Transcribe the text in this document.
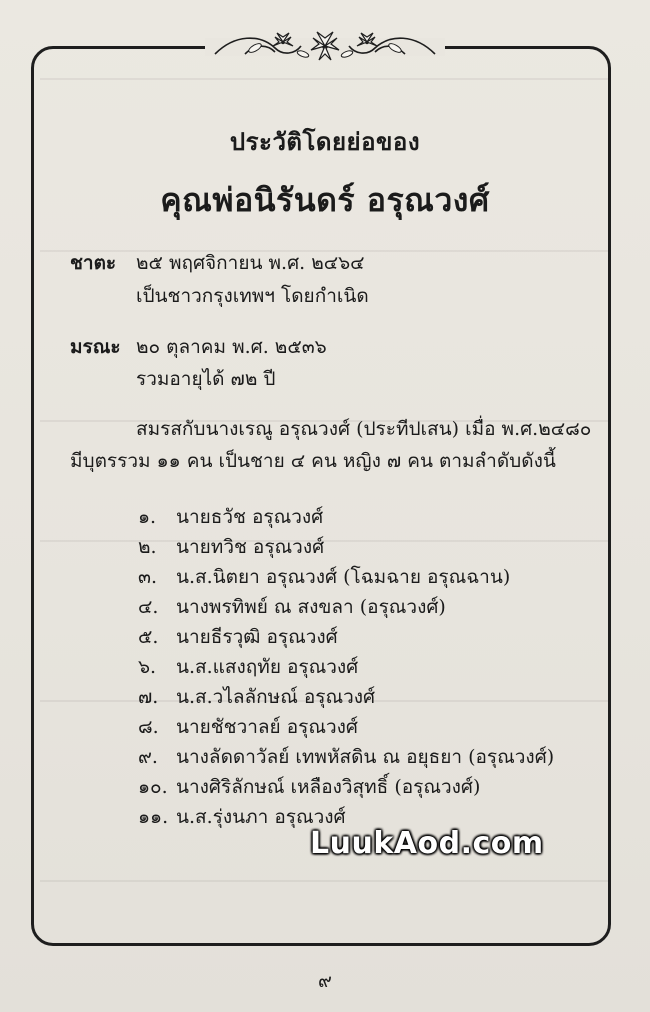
ประวัติโดยย่อของ
คุณพ่อนิรันดร์ อรุณวงศ์
ชาตะ ๒๕ พฤศจิกายน พ.ศ. ๒๔๖๔
เป็นชาวกรุงเทพฯ โดยกำเนิด
มรณะ ๒๐ ตุลาคม พ.ศ. ๒๕๓๖
รวมอายุได้ ๗๒ ปี
สมรสกับนางเรณู อรุณวงศ์ (ประทีปเสน) เมื่อ พ.ศ.๒๔๘๐
มีบุตรรวม ๑๑ คน เป็นชาย ๔ คน หญิง ๗ คน ตามลำดับดังนี้
๑. นายธวัช อรุณวงศ์
๒. นายทวิช อรุณวงศ์
๓. น.ส.นิตยา อรุณวงศ์ (โฉมฉาย อรุณฉาน)
๔. นางพรทิพย์ ณ สงขลา (อรุณวงศ์)
๕. นายธีรวุฒิ อรุณวงศ์
๖. น.ส.แสงฤทัย อรุณวงศ์
๗. น.ส.วไลลักษณ์ อรุณวงศ์
๘. นายชัชวาลย์ อรุณวงศ์
๙. นางลัดดาวัลย์ เทพหัสดิน ณ อยุธยา (อรุณวงศ์)
๑๐. นางศิริลักษณ์ เหลืองวิสุทธิ์ (อรุณวงศ์)
๑๑. น.ส.รุ่งนภา อรุณวงศ์
LuukAod.com
๙
